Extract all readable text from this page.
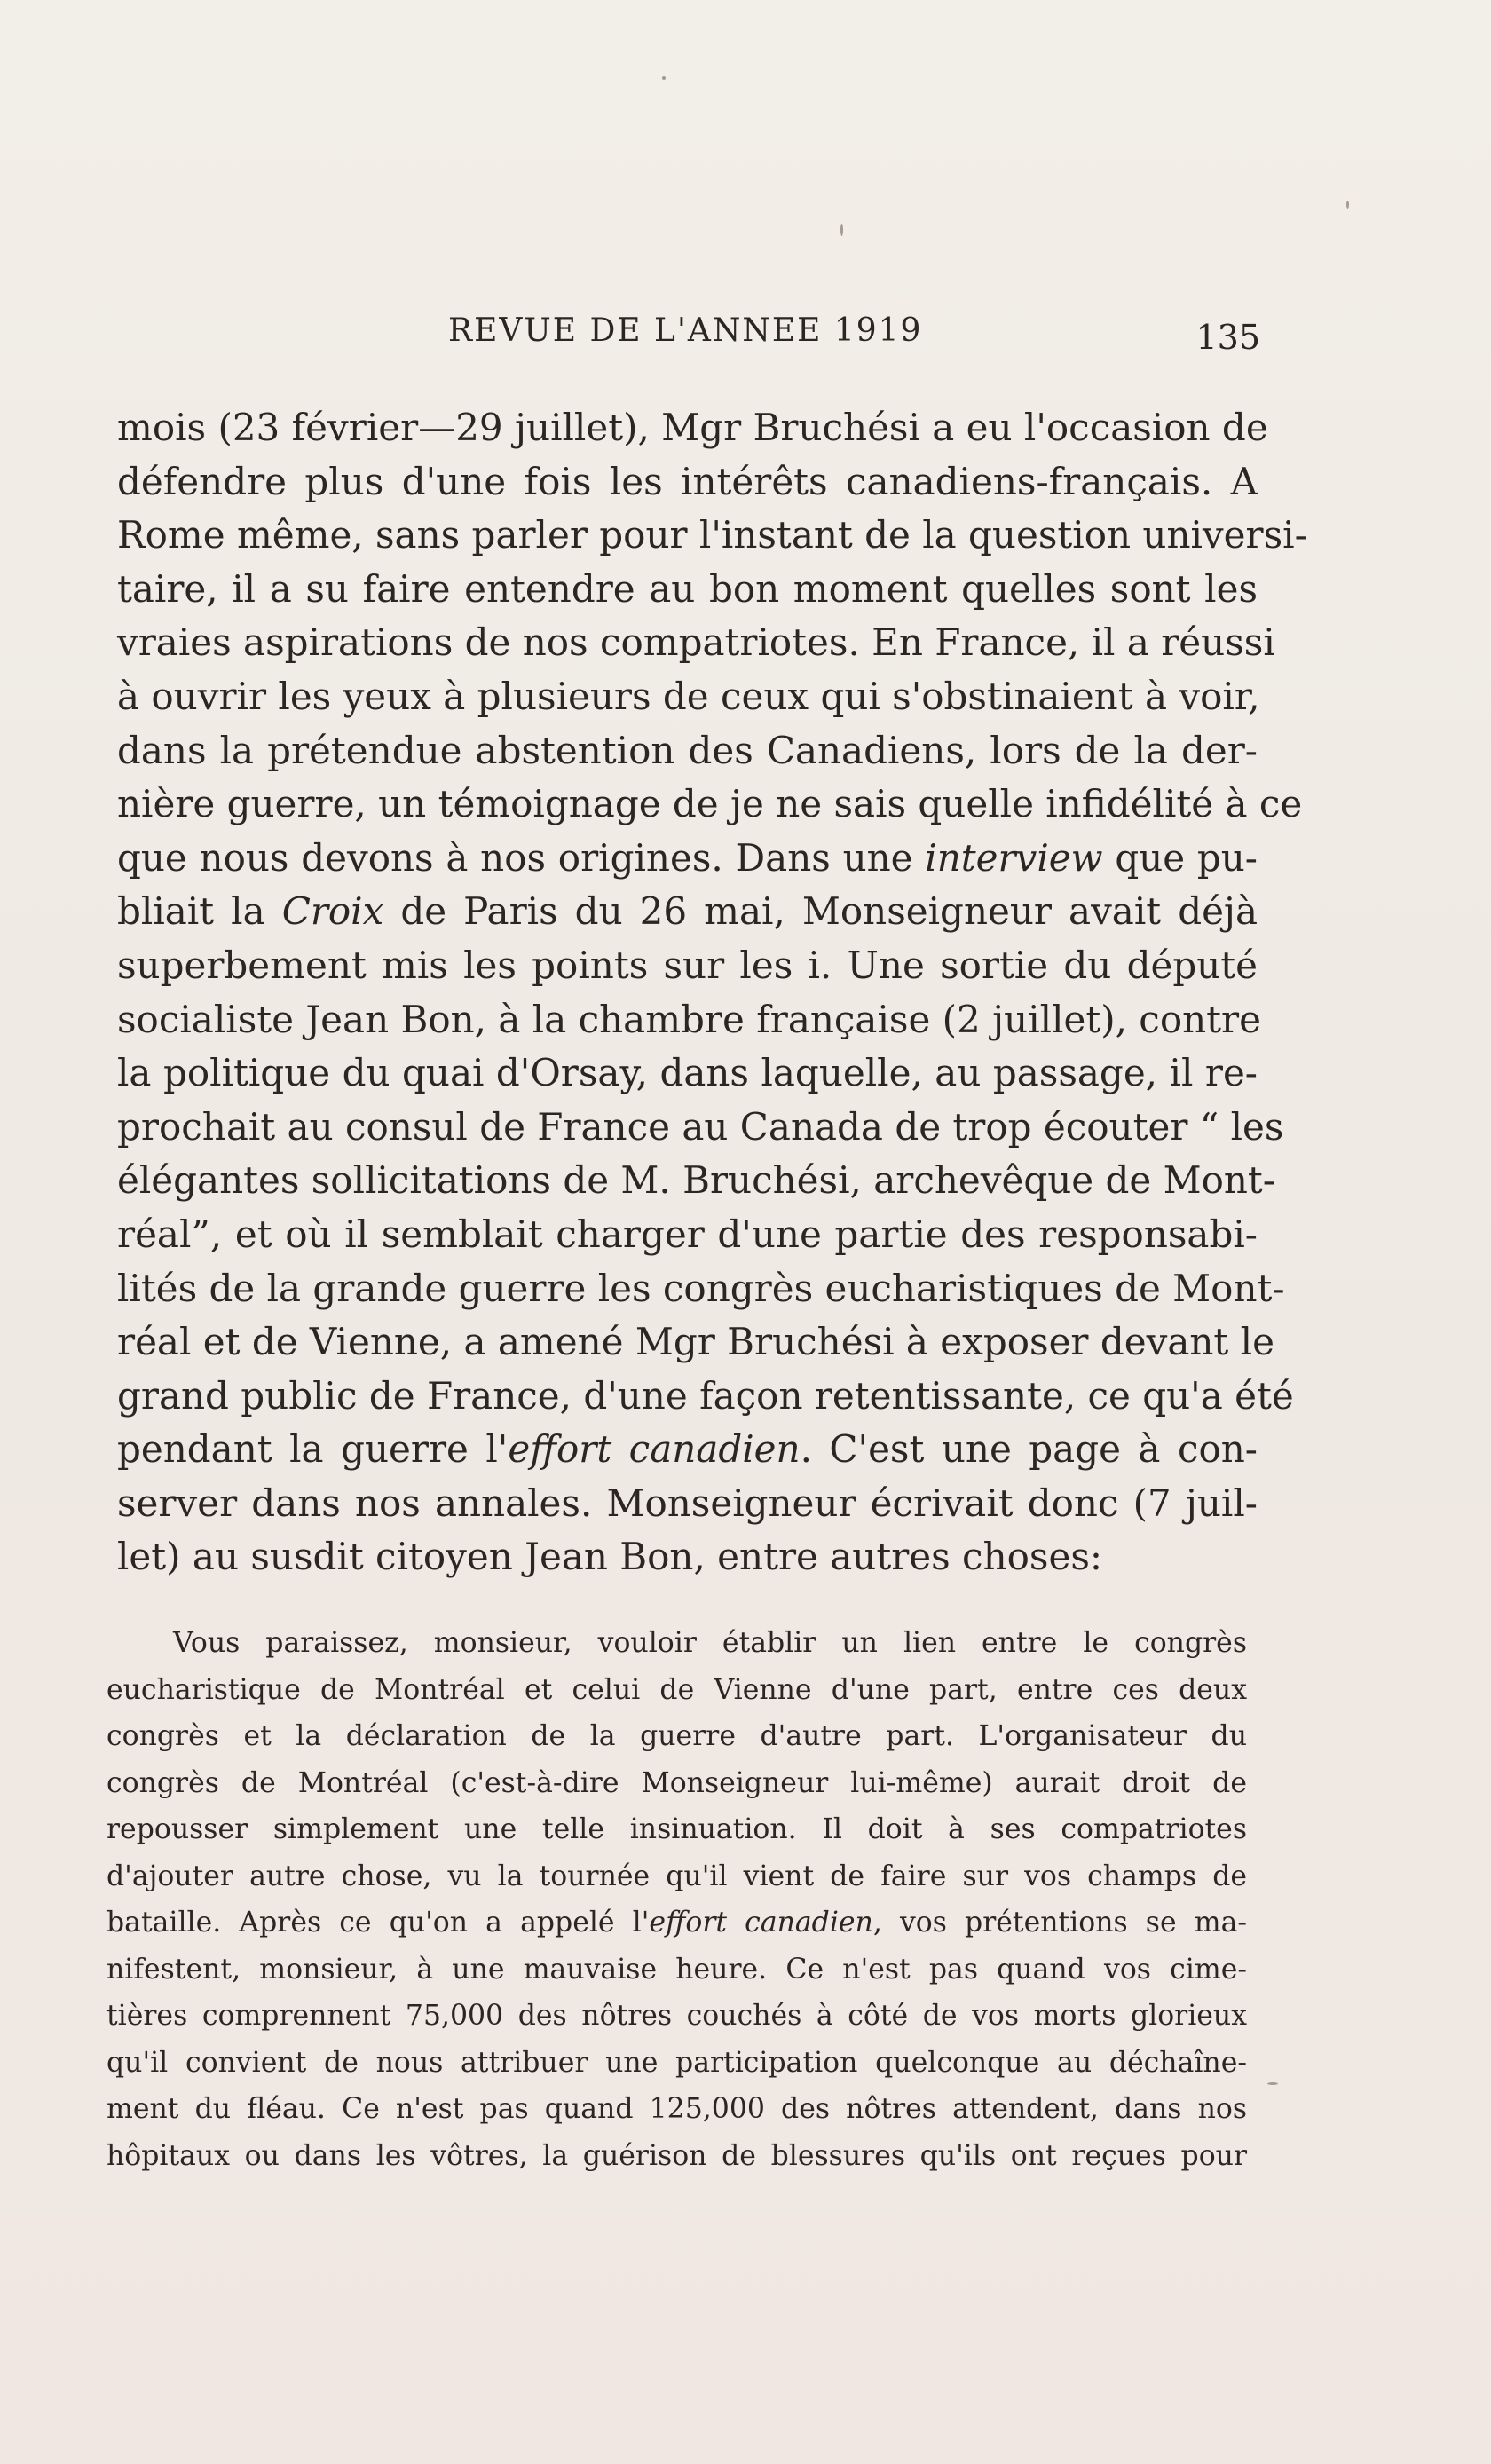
REVUE DE L'ANNEE 1919	135
mois (23 février—29 juillet), Mgr Bruchési a eu l'occasion de
défendre plus d'une fois les intérêts canadiens-français. A
Rome même, sans parler pour l'instant de la question universi-
taire, il a su faire entendre au bon moment quelles sont les
vraies aspirations de nos compatriotes. En France, il a réussi
à ouvrir les yeux à plusieurs de ceux qui s'obstinaient à voir,
dans la prétendue abstention des Canadiens, lors de la der-
nière guerre, un témoignage de je ne sais quelle infidélité à ce
que nous devons à nos origines. Dans une interview que pu-
bliait la Croix de Paris du 26 mai, Monseigneur avait déjà
superbement mis les points sur les i. Une sortie du député
socialiste Jean Bon, à la chambre française (2 juillet), contre
la politique du quai d'Orsay, dans laquelle, au passage, il re-
prochait au consul de France au Canada de trop écouter “ les
élégantes sollicitations de M. Bruchési, archevêque de Mont-
réal”, et où il semblait charger d'une partie des responsabi-
lités de la grande guerre les congrès eucharistiques de Mont-
réal et de Vienne, a amené Mgr Bruchési à exposer devant le
grand public de France, d'une façon retentissante, ce qu'a été
pendant la guerre l'effort canadien. C'est une page à con-
server dans nos annales. Monseigneur écrivait donc (7 juil-
let) au susdit citoyen Jean Bon, entre autres choses:
Vous paraissez, monsieur, vouloir établir un lien entre le congrès
eucharistique de Montréal et celui de Vienne d'une part, entre ces deux
congrès et la déclaration de la guerre d'autre part. L'organisateur du
congrès de Montréal (c'est-à-dire Monseigneur lui-même) aurait droit de
repousser simplement une telle insinuation. Il doit à ses compatriotes
d'ajouter autre chose, vu la tournée qu'il vient de faire sur vos champs de
bataille. Après ce qu'on a appelé l'effort canadien, vos prétentions se ma-
nifestent, monsieur, à une mauvaise heure. Ce n'est pas quand vos cime-
tières comprennent 75,000 des nôtres couchés à côté de vos morts glorieux
qu'il convient de nous attribuer une participation quelconque au déchaîne-
ment du fléau. Ce n'est pas quand 125,000 des nôtres attendent, dans nos
hôpitaux ou dans les vôtres, la guérison de blessures qu'ils ont reçues pour
